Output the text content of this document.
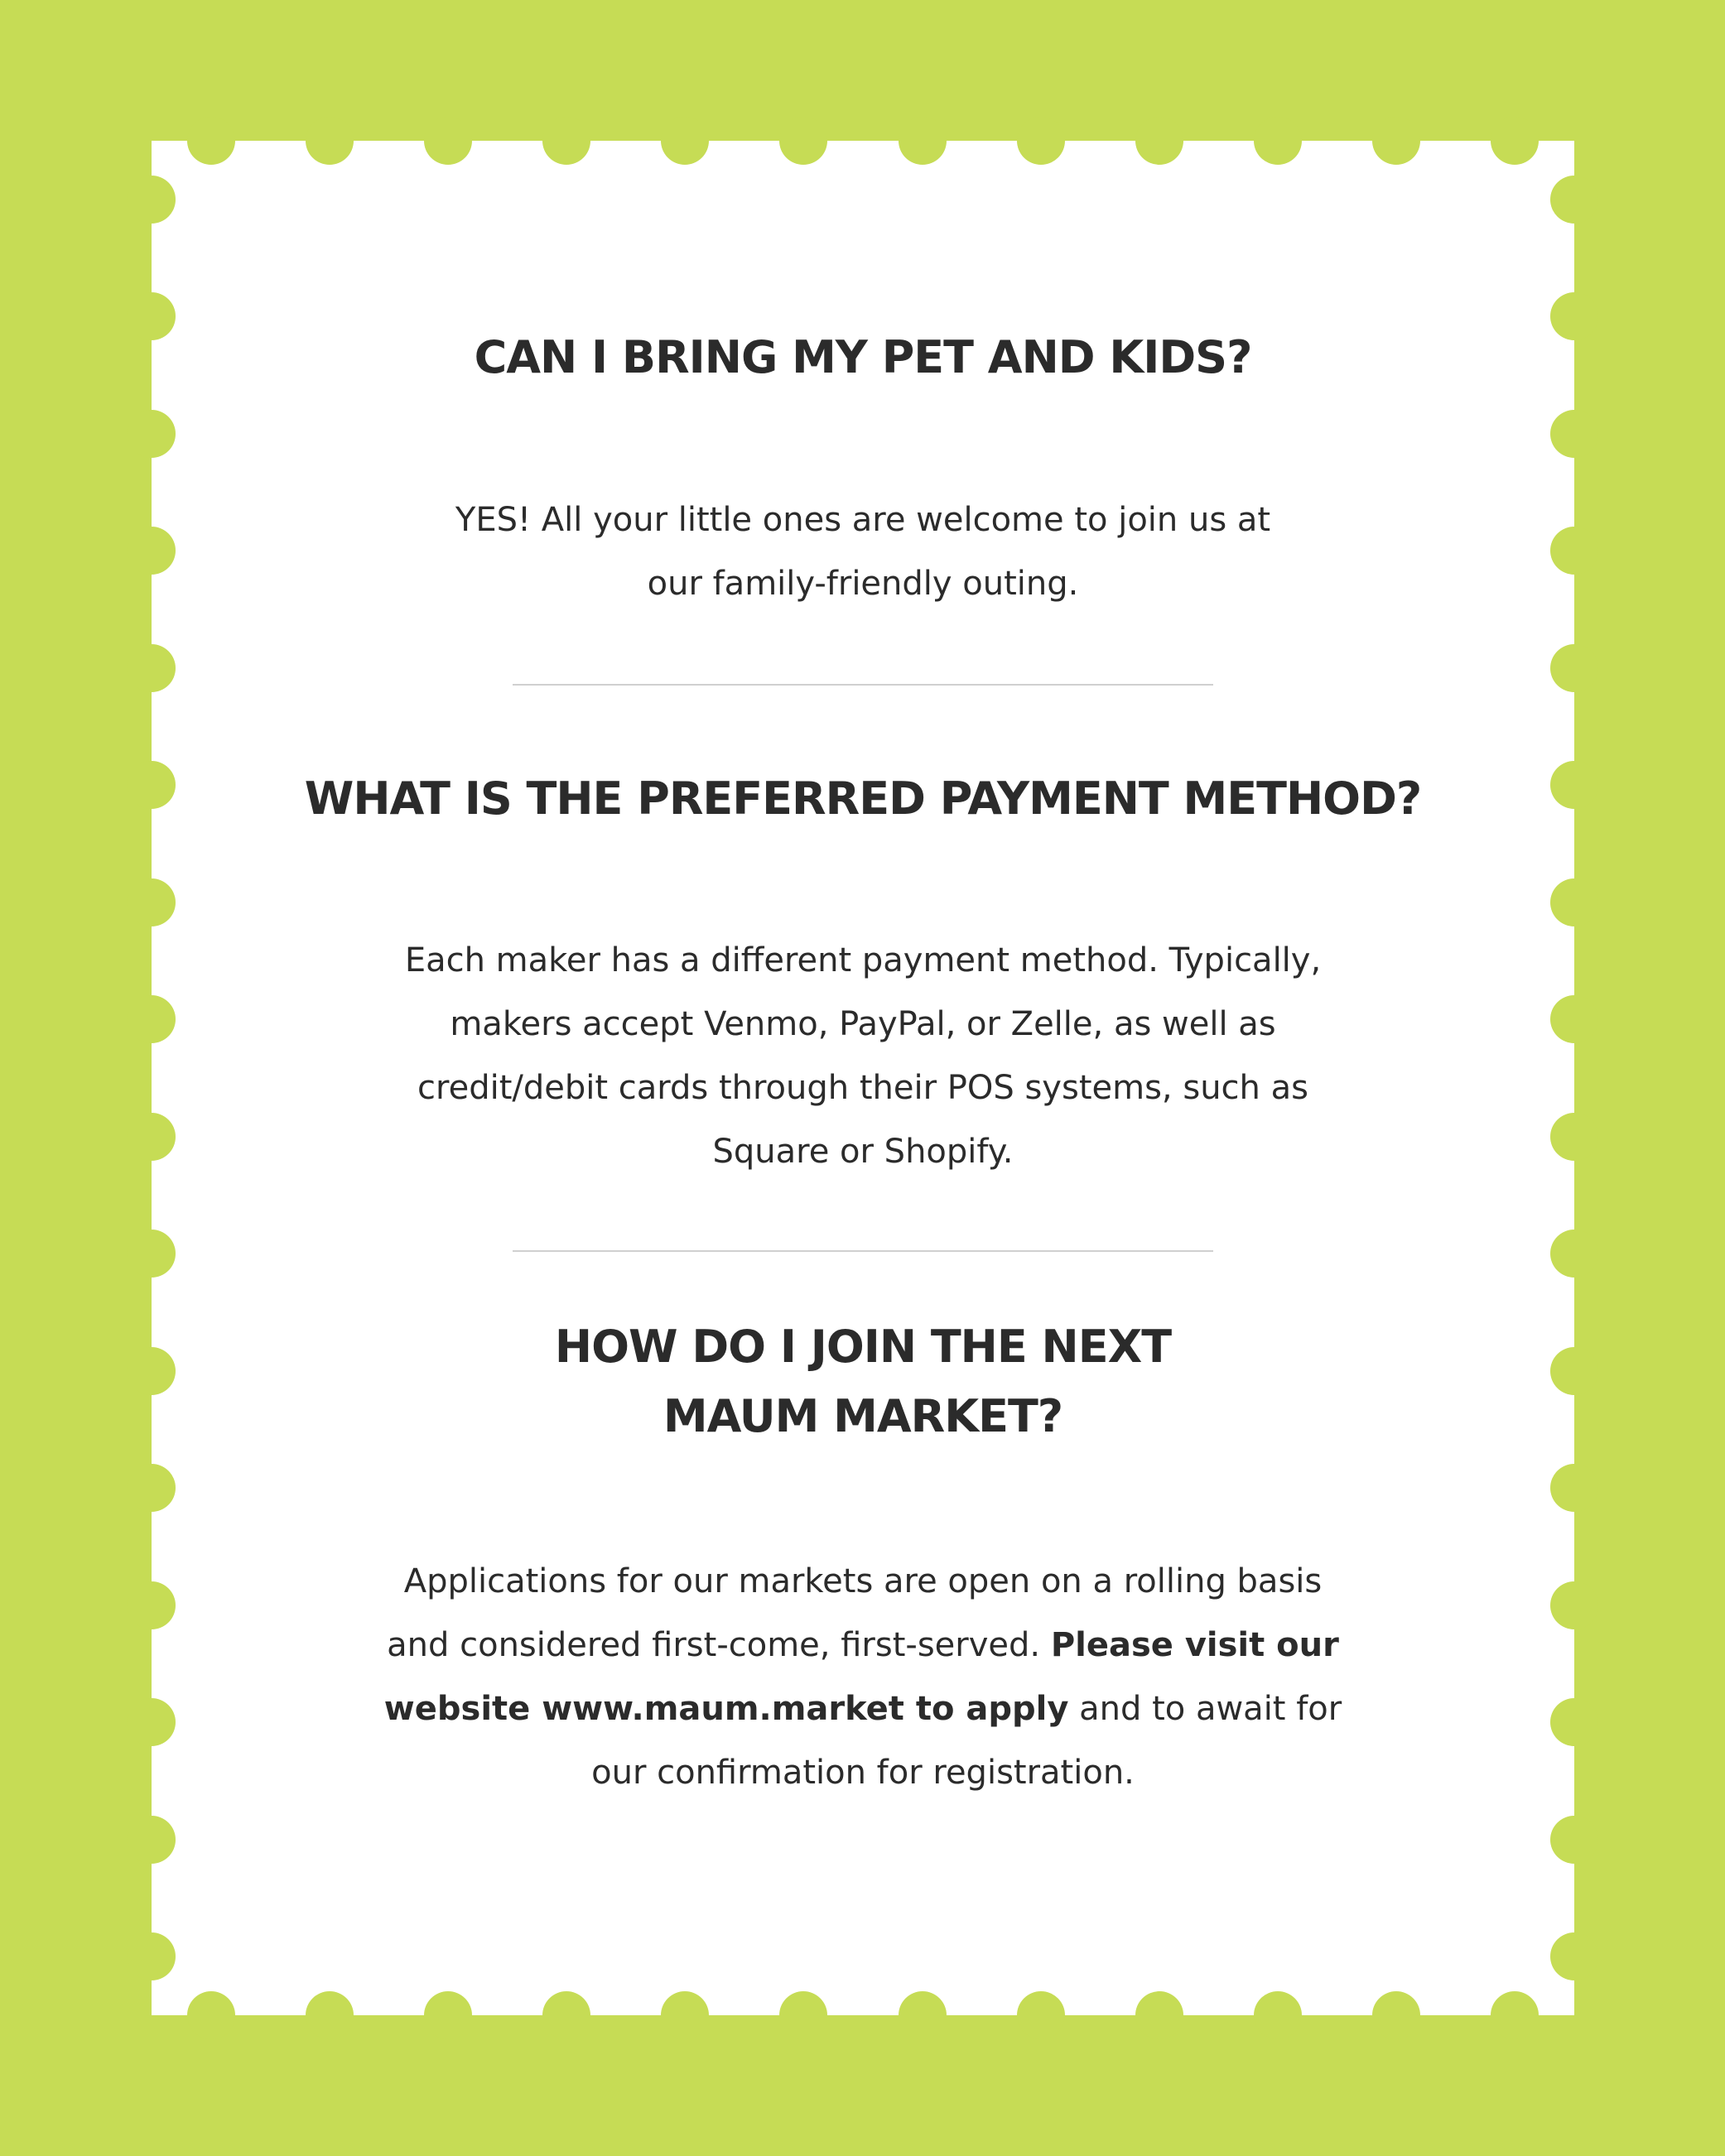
CAN I BRING MY PET AND KIDS?

YES! All your little ones are welcome to join us at
our family-friendly outing.

WHAT IS THE PREFERRED PAYMENT METHOD?

Each maker has a different payment method. Typically,
makers accept Venmo, PayPal, or Zelle, as well as
credit/debit cards through their POS systems, such as
Square or Shopify.

HOW DO I JOIN THE NEXT
MAUM MARKET?

Applications for our markets are open on a rolling basis
and considered first-come, first-served. Please visit our
website www.maum.market to apply and to await for
our confirmation for registration.
